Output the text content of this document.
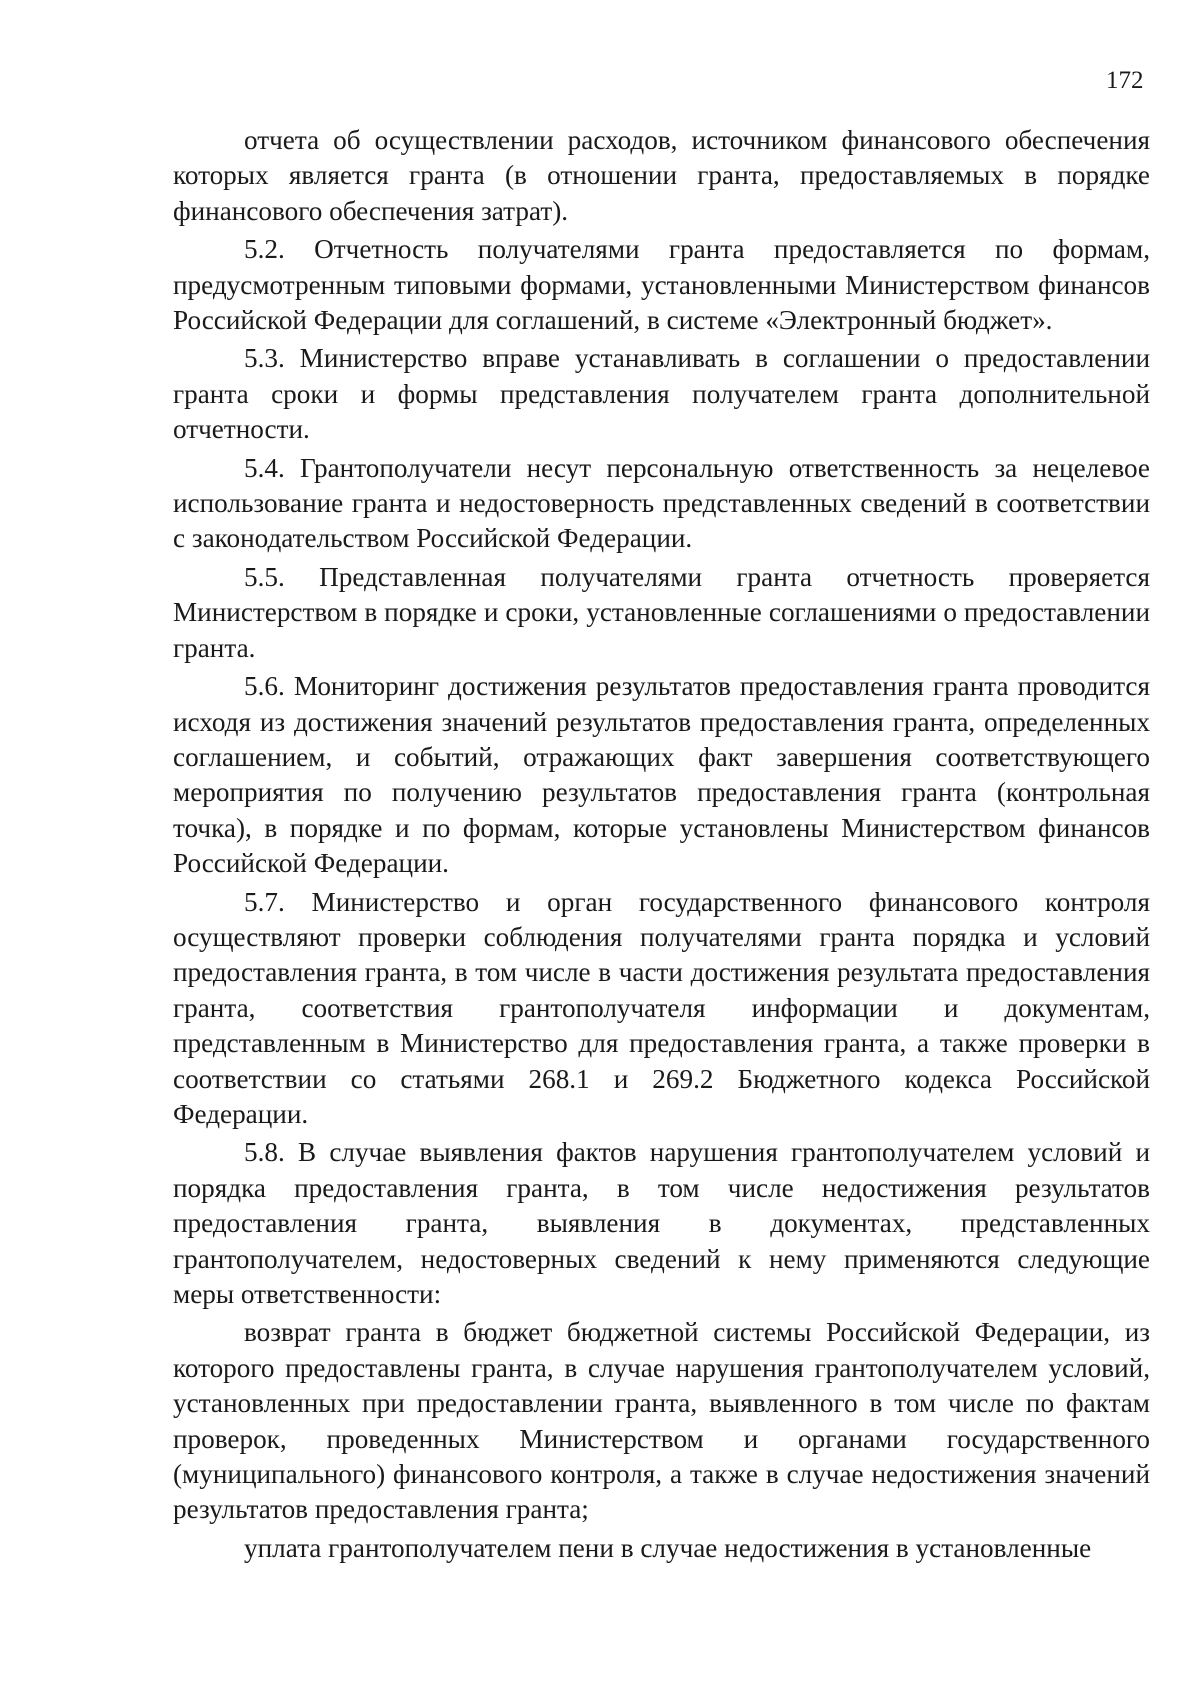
172

отчета об осуществлении расходов, источником финансового обеспечения которых является гранта (в отношении гранта, предоставляемых в порядке финансового обеспечения затрат).

5.2. Отчетность получателями гранта предоставляется по формам, предусмотренным типовыми формами, установленными Министерством финансов Российской Федерации для соглашений, в системе «Электронный бюджет».

5.3. Министерство вправе устанавливать в соглашении о предоставлении гранта сроки и формы представления получателем гранта дополнительной отчетности.

5.4. Грантополучатели несут персональную ответственность за нецелевое использование гранта и недостоверность представленных сведений в соответствии с законодательством Российской Федерации.

5.5. Представленная получателями гранта отчетность проверяется Министерством в порядке и сроки, установленные соглашениями о предоставлении гранта.

5.6. Мониторинг достижения результатов предоставления гранта проводится исходя из достижения значений результатов предоставления гранта, определенных соглашением, и событий, отражающих факт завершения соответствующего мероприятия по получению результатов предоставления гранта (контрольная точка), в порядке и по формам, которые установлены Министерством финансов Российской Федерации.

5.7. Министерство и орган государственного финансового контроля осуществляют проверки соблюдения получателями гранта порядка и условий предоставления гранта, в том числе в части достижения результата предоставления гранта, соответствия грантополучателя информации и документам, представленным в Министерство для предоставления гранта, а также проверки в соответствии со статьями 268.1 и 269.2 Бюджетного кодекса Российской Федерации.

5.8. В случае выявления фактов нарушения грантополучателем условий и порядка предоставления гранта, в том числе недостижения результатов предоставления гранта, выявления в документах, представленных грантополучателем, недостоверных сведений к нему применяются следующие меры ответственности:

возврат гранта в бюджет бюджетной системы Российской Федерации, из которого предоставлены гранта, в случае нарушения грантополучателем условий, установленных при предоставлении гранта, выявленного в том числе по фактам проверок, проведенных Министерством и органами государственного (муниципального) финансового контроля, а также в случае недостижения значений результатов предоставления гранта;

уплата грантополучателем пени в случае недостижения в установленные
